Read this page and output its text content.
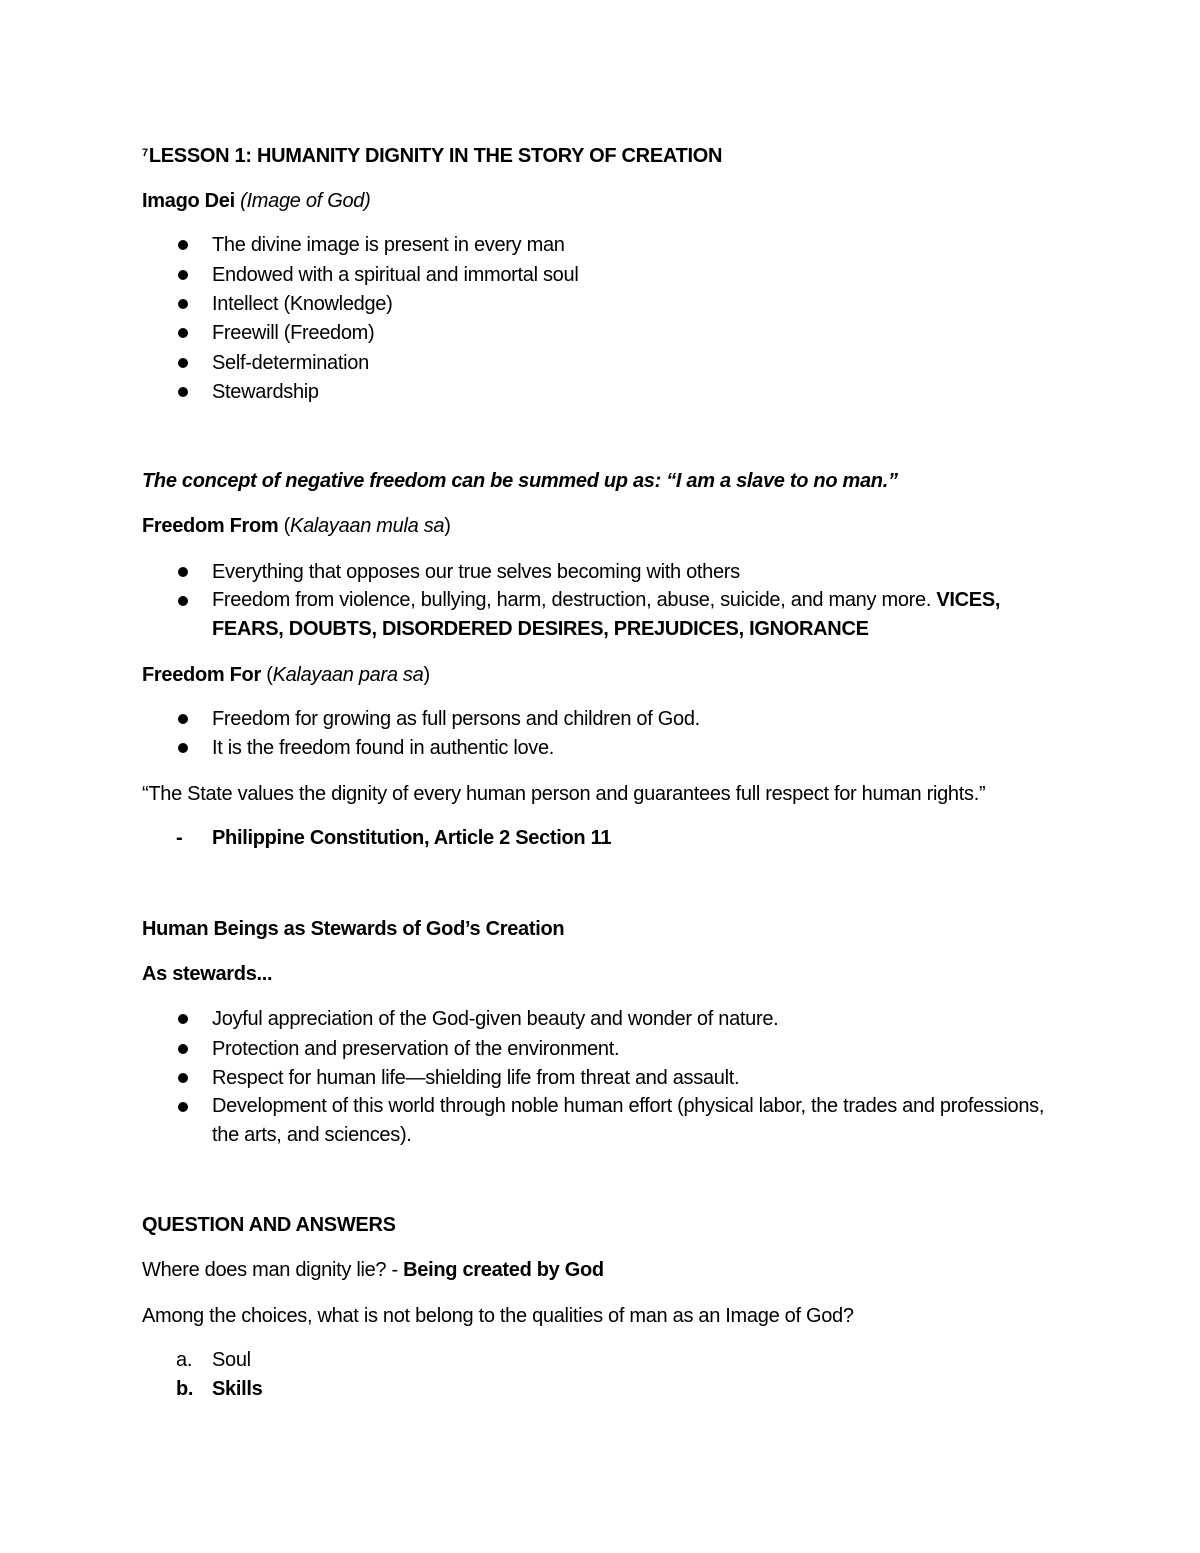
$^7$LESSON 1: HUMANITY DIGNITY IN THE STORY OF CREATION
Imago Dei (Image of God)
The divine image is present in every man
Endowed with a spiritual and immortal soul
Intellect (Knowledge)
Freewill (Freedom)
Self-determination
Stewardship
The concept of negative freedom can be summed up as: “I am a slave to no man.”
Freedom From (Kalayaan mula sa)
Everything that opposes our true selves becoming with others
Freedom from violence, bullying, harm, destruction, abuse, suicide, and many more. VICES, FEARS, DOUBTS, DISORDERED DESIRES, PREJUDICES, IGNORANCE
Freedom For (Kalayaan para sa)
Freedom for growing as full persons and children of God.
It is the freedom found in authentic love.
“The State values the dignity of every human person and guarantees full respect for human rights.”
- Philippine Constitution, Article 2 Section 11
Human Beings as Stewards of God’s Creation
As stewards...
Joyful appreciation of the God-given beauty and wonder of nature.
Protection and preservation of the environment.
Respect for human life—shielding life from threat and assault.
Development of this world through noble human effort (physical labor, the trades and professions, the arts, and sciences).
QUESTION AND ANSWERS
Where does man dignity lie? - Being created by God
Among the choices, what is not belong to the qualities of man as an Image of God?
a. Soul
b. Skills
